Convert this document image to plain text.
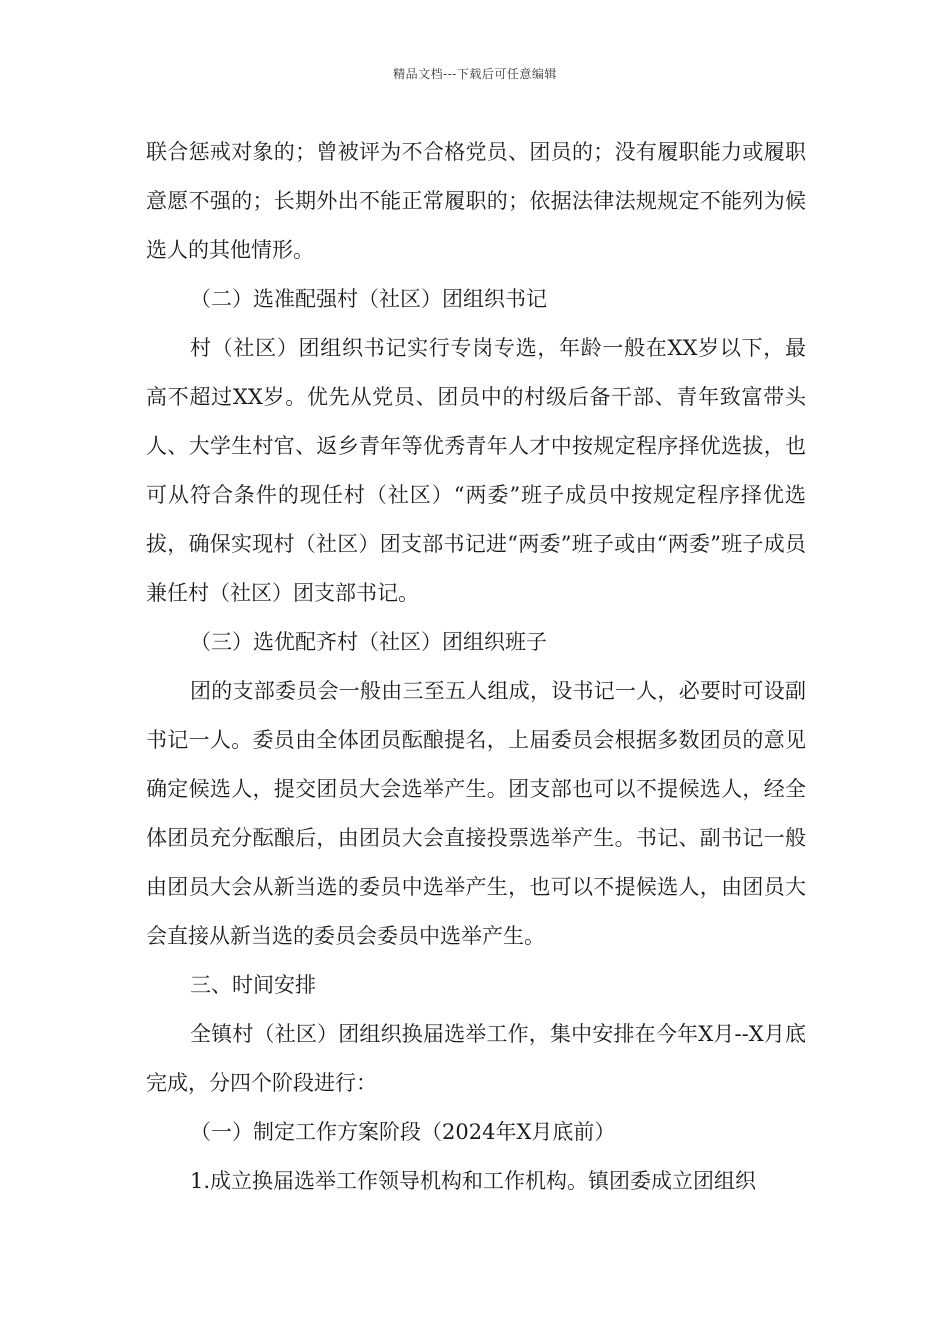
精品文档---下载后可任意编辑

联合惩戒对象的；曾被评为不合格党员、团员的；没有履职能力或履职意愿不强的；长期外出不能正常履职的；依据法律法规规定不能列为候选人的其他情形。

（二）选准配强村（社区）团组织书记

村（社区）团组织书记实行专岗专选，年龄一般在XX岁以下，最高不超过XX岁。优先从党员、团员中的村级后备干部、青年致富带头人、大学生村官、返乡青年等优秀青年人才中按规定程序择优选拔，也可从符合条件的现任村（社区）“两委”班子成员中按规定程序择优选拔，确保实现村（社区）团支部书记进“两委”班子或由“两委”班子成员兼任村（社区）团支部书记。

（三）选优配齐村（社区）团组织班子

团的支部委员会一般由三至五人组成，设书记一人，必要时可设副书记一人。委员由全体团员酝酿提名，上届委员会根据多数团员的意见确定候选人，提交团员大会选举产生。团支部也可以不提候选人，经全体团员充分酝酿后，由团员大会直接投票选举产生。书记、副书记一般由团员大会从新当选的委员中选举产生，也可以不提候选人，由团员大会直接从新当选的委员会委员中选举产生。

三、时间安排

全镇村（社区）团组织换届选举工作，集中安排在今年X月--X月底完成，分四个阶段进行：

（一）制定工作方案阶段（2024年X月底前）

1.成立换届选举工作领导机构和工作机构。镇团委成立团组织
